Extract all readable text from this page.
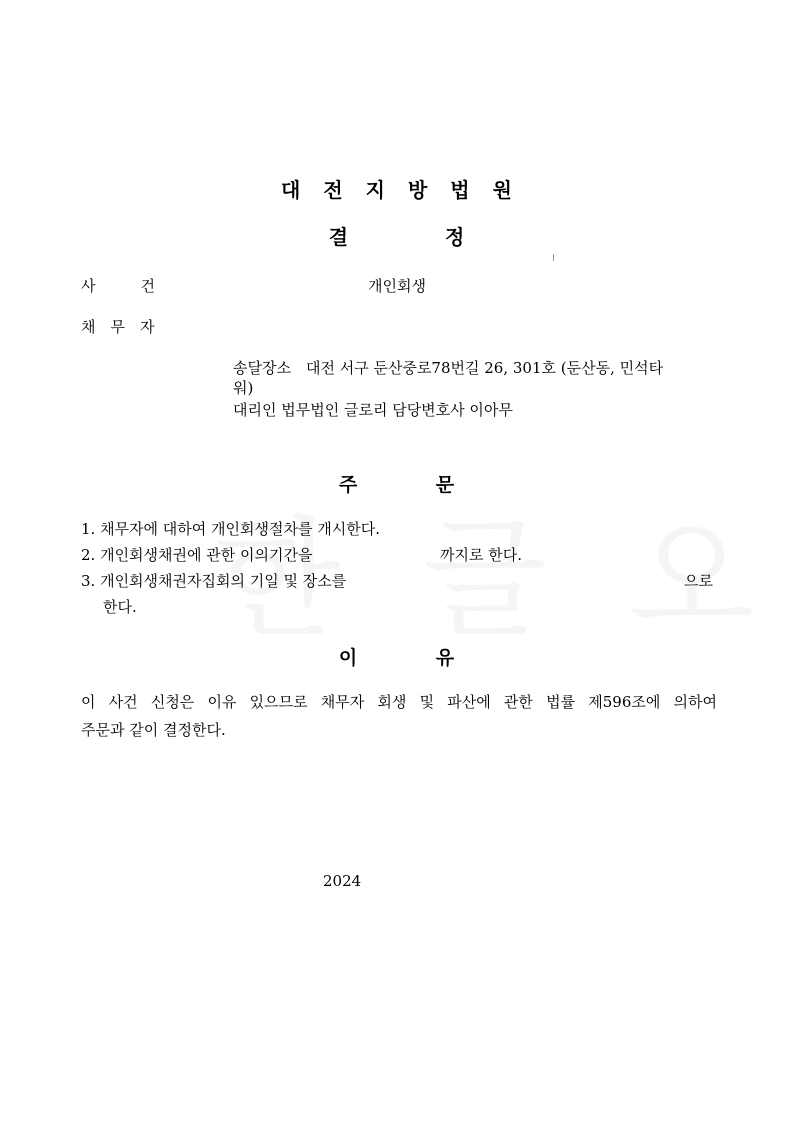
대전지방법원
결 정
사　　　건	개인회생
채　무　자
송달장소　대전 서구 둔산중로78번길 26, 301호 (둔산동, 민석타
워)
대리인 법무법인 글로리 담당변호사 이아무
주 문
1. 채무자에 대하여 개인회생절차를 개시한다.
2. 개인회생채권에 관한 이의기간을	까지로 한다.
3. 개인회생채권자집회의 기일 및 장소를	으로
한다.
이 유
이 사건 신청은 이유 있으므로 채무자 회생 및 파산에 관한 법률 제596조에 의하여
주문과 같이 결정한다.
2024
